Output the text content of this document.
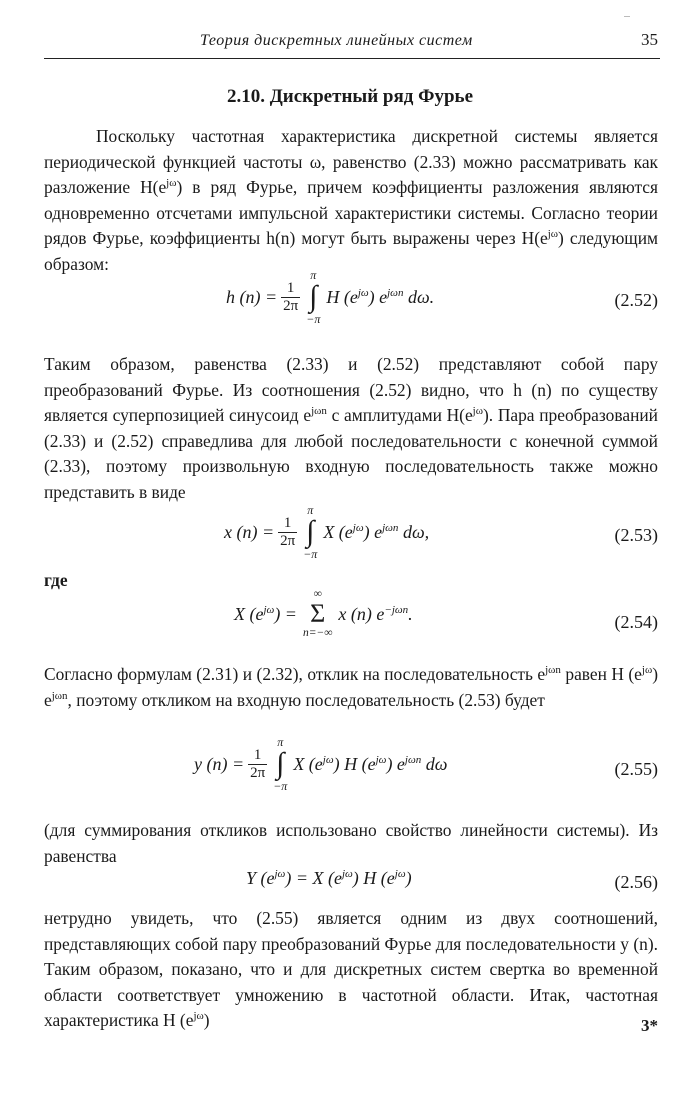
Теория дискретных линейных систем	35
2.10. Дискретный ряд Фурье

Поскольку частотная характеристика дискретной системы является периодической функцией частоты ω, равенство (2.33) можно рассматривать как разложение $H(e^{j\omega})$ в ряд Фурье, причем коэффициенты разложения являются одновременно отсчетами импульсной характеристики системы. Согласно теории рядов Фурье, коэффициенты h(n) могут быть выражены через $H(e^{j\omega})$ следующим образом:

h $(n) = \frac{1}{2\pi}$
π
∫
−π
H $(e^{j\omega})$ $e^{j\omega n}$ dω.	(2.52)

Таким образом, равенства (2.33) и (2.52) представляют собой пару преобразований Фурье. Из соотношения (2.52) видно, что h (n) по существу является суперпозицией синусоид $e^{j\omega n}$ с амплитудами $H(e^{j\omega})$. Пара преобразований (2.33) и (2.52) справедлива для любой последовательности с конечной суммой (2.33), поэтому произвольную входную последовательность также можно представить в виде

x $(n) = \frac{1}{2\pi}$
π
∫
−π
X $(e^{j\omega})$ $e^{j\omega n}$ dω,	(2.53)
где
X $(e^{j\omega})$ =
∞
Σ
n=−∞
x (n) $e^{-j\omega n}$.	(2.54)

Согласно формулам (2.31) и (2.32), отклик на последовательность $e^{j\omega n}$ равен H $(e^{j\omega})$ $e^{j\omega n}$, поэтому откликом на входную последовательность (2.53) будет

y $(n) = \frac{1}{2\pi}$
π
∫
−π
X $(e^{j\omega})$ H $(e^{j\omega})$ $e^{j\omega n}$ dω	(2.55)

(для суммирования откликов использовано свойство линейности системы). Из равенства

Y $(e^{j\omega}) = X$ $(e^{j\omega})$ H $(e^{j\omega})$	(2.56)

нетрудно увидеть, что (2.55) является одним из двух соотношений, представляющих собой пару преобразований Фурье для последовательности y (n). Таким образом, показано, что и для дискретных систем свертка во временной области соответствует умножению в частотной области. Итак, частотная характеристика H $(e^{j\omega})$	3*
